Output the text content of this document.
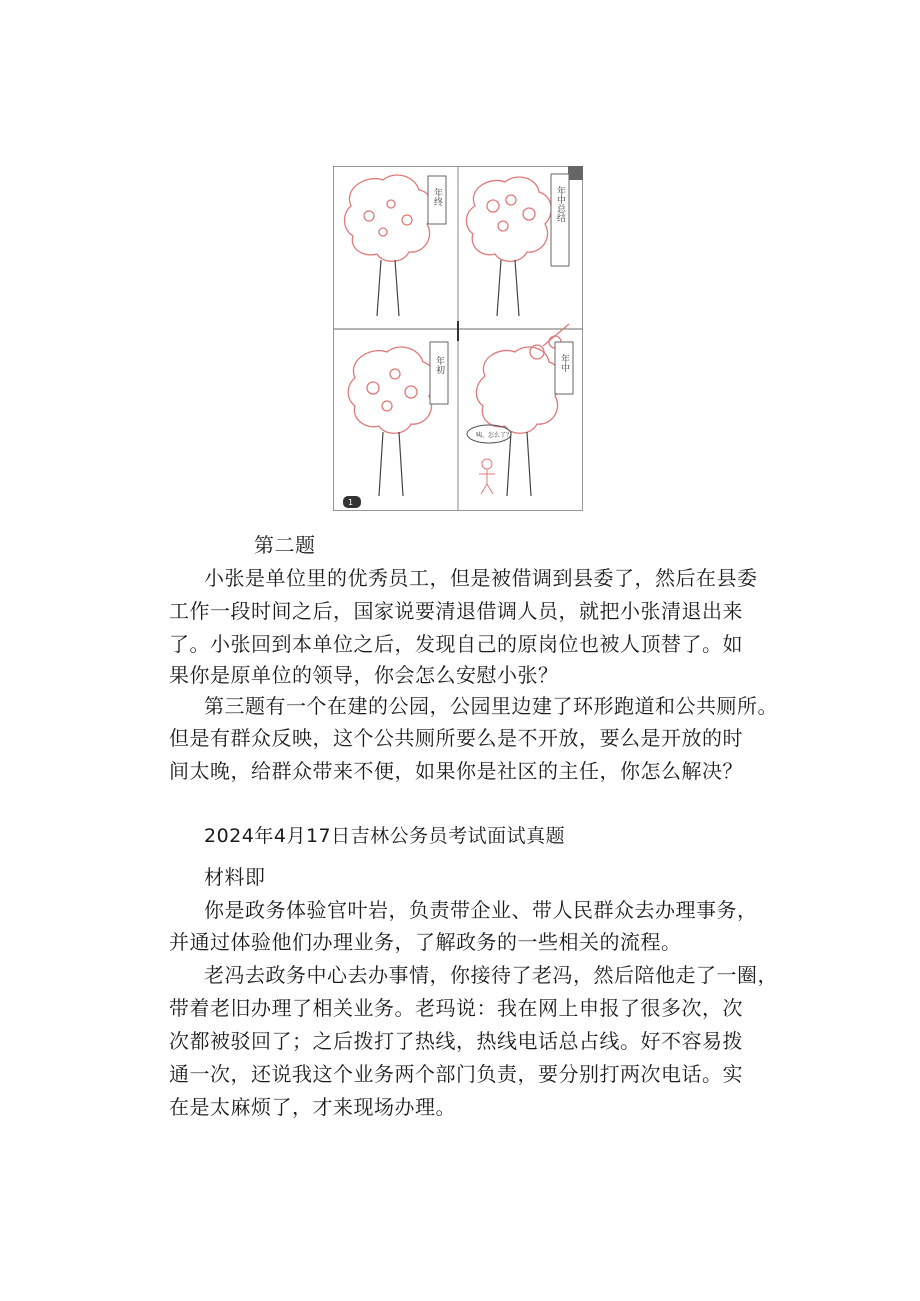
年终	年中总结
年初	年中
咦，怎么了？
1
第二题
小张是单位里的优秀员工，但是被借调到县委了，然后在县委
工作一段时间之后，国家说要清退借调人员，就把小张清退出来
了。小张回到本单位之后，发现自己的原岗位也被人顶替了。如
果你是原单位的领导，你会怎么安慰小张？
第三题有一个在建的公园，公园里边建了环形跑道和公共厕所。
但是有群众反映，这个公共厕所要么是不开放，要么是开放的时
间太晚，给群众带来不便，如果你是社区的主任，你怎么解决？
2024年4月17日吉林公务员考试面试真题
材料即
你是政务体验官叶岩，负责带企业、带人民群众去办理事务，
并通过体验他们办理业务，了解政务的一些相关的流程。
老冯去政务中心去办事情，你接待了老冯，然后陪他走了一圈，
带着老旧办理了相关业务。老玛说：我在网上申报了很多次，次
次都被驳回了；之后拨打了热线，热线电话总占线。好不容易拨
通一次，还说我这个业务两个部门负责，要分别打两次电话。实
在是太麻烦了，才来现场办理。
